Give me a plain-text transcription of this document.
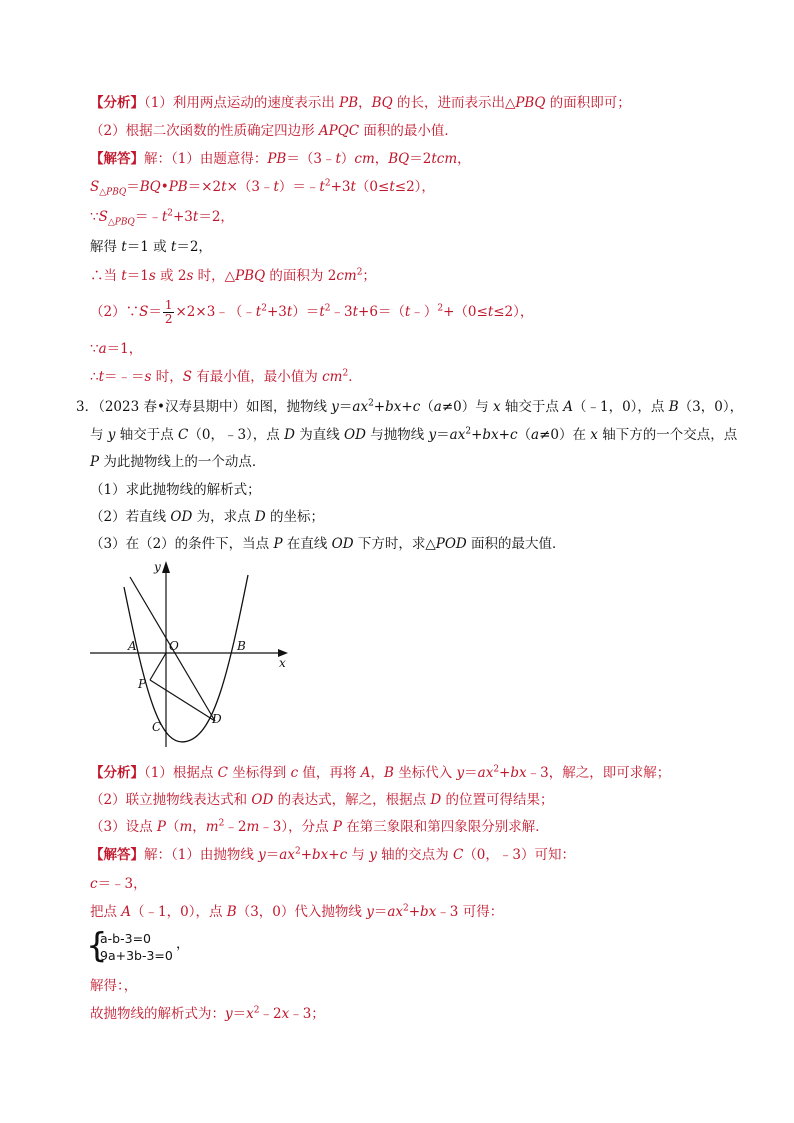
【分析】（1）利用两点运动的速度表示出 PB，BQ 的长，进而表示出△PBQ 的面积即可；
（2）根据二次函数的性质确定四边形 APQC 面积的最小值．
【解答】解：（1）由题意得：PB＝（3﹣t）cm，BQ＝2tcm，
$S_{\triangle PBQ}=BQ•PB=\times 2t\times(3﹣t)=﹣t^2+3t(0\le t\le 2)$，
$\because S_{\triangle PBQ}=﹣t^2+3t=2$，
解得 t＝1 或 t＝2，
∴当 t＝1s 或 2s 时，△PBQ 的面积为 $2cm^2$；
（2）∵S＝ $\frac{1}{2}$ $\times 2\times 3﹣(﹣t^2+3t)=t^2﹣3t+6=(t﹣)^2+(0\le t\le 2)$，
∵a＝1，
∴t＝﹣＝s 时，S 有最小值，最小值为 $cm^2$．
3．（2023 春•汉寿县期中）如图，抛物线 $y=ax^2+bx+c(a\ne 0)$与 x 轴交于点 A（﹣1，0），点 B（3，0），
与 y 轴交于点 C（0，﹣3），点 D 为直线 OD 与抛物线 $y=ax^2+bx+c(a\ne 0)$在 x 轴下方的一个交点，点
P 为此抛物线上的一个动点．
（1）求此抛物线的解析式；
（2）若直线 OD 为，求点 D 的坐标；
（3）在（2）的条件下，当点 P 在直线 OD 下方时，求△POD 面积的最大值．
y
x
A	O	B
P
C
D
【分析】（1）根据点 C 坐标得到 c 值，再将 A，B 坐标代入 $y=ax^2+bx﹣3$，解之，即可求解；
（2）联立抛物线表达式和 OD 的表达式，解之，根据点 D 的位置可得结果；
（3）设点 P（m，$m^2﹣2m﹣3$），分点 P 在第三象限和第四象限分别求解．
【解答】解：（1）由抛物线 $y=ax^2+bx+c$ 与 y 轴的交点为 C（0，﹣3）可知：
c＝﹣3，
把点 A（﹣1，0），点 B（3，0）代入抛物线 $y=ax^2+bx﹣3$ 可得：
{
a-b-3=0
9a+3b-3=0
，
解得：，
故抛物线的解析式为：$y=x^2﹣2x﹣3$；
